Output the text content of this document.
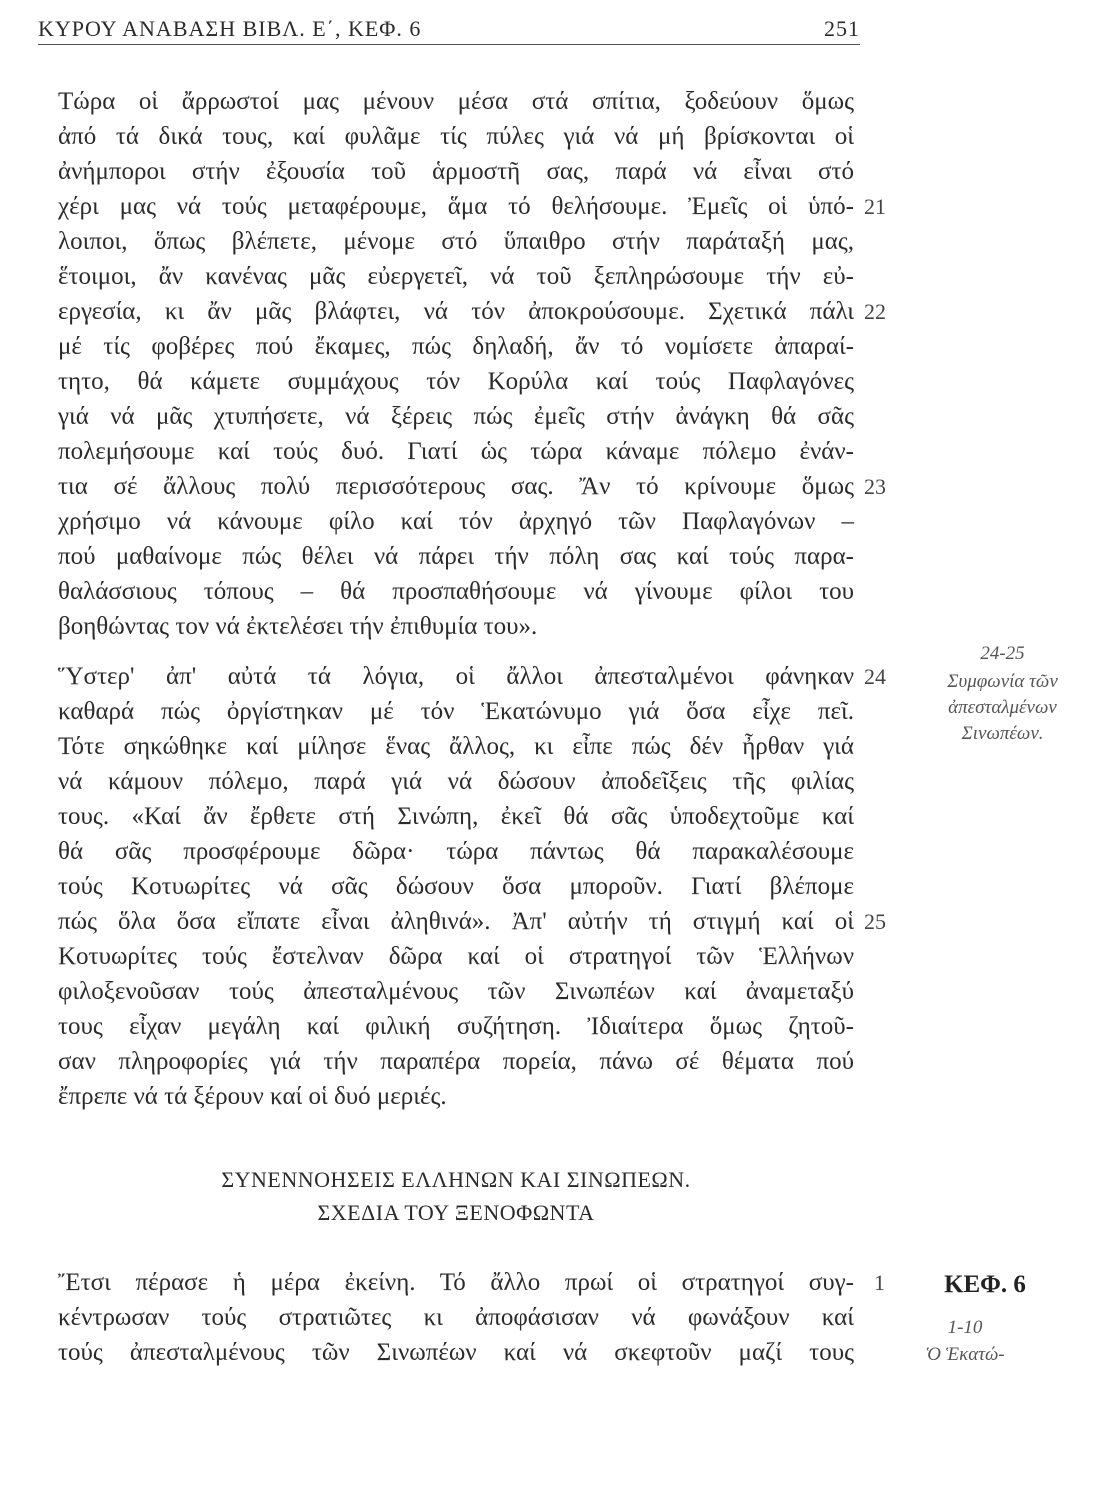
ΚΥΡΟΥ ΑΝΑΒΑΣΗ ΒΙΒΛ. Ε΄, ΚΕΦ. 6	251
Τώρα οἱ ἄρρωστοί μας μένουν μέσα στά σπίτια, ξοδεύουν ὅμως
ἀπό τά δικά τους, καί φυλᾶμε τίς πύλες γιά νά μή βρίσκονται οἱ
ἀνήμποροι στήν ἐξουσία τοῦ ἁρμοστῆ σας, παρά νά εἶναι στό
χέρι μας νά τούς μεταφέρουμε, ἅμα τό θελήσουμε. Ἐμεῖς οἱ ὑπό-
λοιποι, ὅπως βλέπετε, μένομε στό ὕπαιθρο στήν παράταξή μας,
ἕτοιμοι, ἄν κανένας μᾶς εὐεργετεῖ, νά τοῦ ξεπληρώσουμε τήν εὐ-
εργεσία, κι ἄν μᾶς βλάφτει, νά τόν ἀποκρούσουμε. Σχετικά πάλι
μέ τίς φοβέρες πού ἔκαμες, πώς δηλαδή, ἄν τό νομίσετε ἀπαραί-
τητο, θά κάμετε συμμάχους τόν Κορύλα καί τούς Παφλαγόνες
γιά νά μᾶς χτυπήσετε, νά ξέρεις πώς ἐμεῖς στήν ἀνάγκη θά σᾶς
πολεμήσουμε καί τούς δυό. Γιατί ὡς τώρα κάναμε πόλεμο ἐνάν-
τια σέ ἄλλους πολύ περισσότερους σας. Ἄν τό κρίνουμε ὅμως
χρήσιμο νά κάνουμε φίλο καί τόν ἀρχηγό τῶν Παφλαγόνων –
πού μαθαίνομε πώς θέλει νά πάρει τήν πόλη σας καί τούς παρα-
θαλάσσιους τόπους – θά προσπαθήσουμε νά γίνουμε φίλοι του
βοηθώντας τον νά ἐκτελέσει τήν ἐπιθυμία του».
Ὕστερ' ἀπ' αὐτά τά λόγια, οἱ ἄλλοι ἀπεσταλμένοι φάνηκαν
καθαρά πώς ὀργίστηκαν μέ τόν Ἑκατώνυμο γιά ὅσα εἶχε πεῖ.
Τότε σηκώθηκε καί μίλησε ἕνας ἄλλος, κι εἶπε πώς δέν ἦρθαν γιά
νά κάμουν πόλεμο, παρά γιά νά δώσουν ἀποδεῖξεις τῆς φιλίας
τους. «Καί ἄν ἔρθετε στή Σινώπη, ἐκεῖ θά σᾶς ὑποδεχτοῦμε καί
θά σᾶς προσφέρουμε δῶρα· τώρα πάντως θά παρακαλέσουμε
τούς Κοτυωρίτες νά σᾶς δώσουν ὅσα μποροῦν. Γιατί βλέπομε
πώς ὅλα ὅσα εἴπατε εἶναι ἀληθινά». Ἀπ' αὐτήν τή στιγμή καί οἱ
Κοτυωρίτες τούς ἔστελναν δῶρα καί οἱ στρατηγοί τῶν Ἑλλήνων
φιλοξενοῦσαν τούς ἀπεσταλμένους τῶν Σινωπέων καί ἀναμεταξύ
τους εἶχαν μεγάλη καί φιλική συζήτηση. Ἰδιαίτερα ὅμως ζητοῦ-
σαν πληροφορίες γιά τήν παραπέρα πορεία, πάνω σέ θέματα πού
ἔπρεπε νά τά ξέρουν καί οἱ δυό μεριές.
Ἔτσι πέρασε ἡ μέρα ἐκείνη. Τό ἄλλο πρωί οἱ στρατηγοί συγ-
κέντρωσαν τούς στρατιῶτες κι ἀποφάσισαν νά φωνάξουν καί
τούς ἀπεσταλμένους τῶν Σινωπέων καί νά σκεφτοῦν μαζί τους
21
22
23
24
25
1
ΣΥΝΕΝΝΟΗΣΕΙΣ ΕΛΛΗΝΩΝ ΚΑΙ ΣΙΝΩΠΕΩΝ.
ΣΧΕΔΙΑ ΤΟΥ ΞΕΝΟΦΩΝΤΑ
24-25
Συμφωνία τῶν
ἀπεσταλμένων
Σινωπέων.
ΚΕΦ. 6
1-10
Ὁ Ἑκατώ-
